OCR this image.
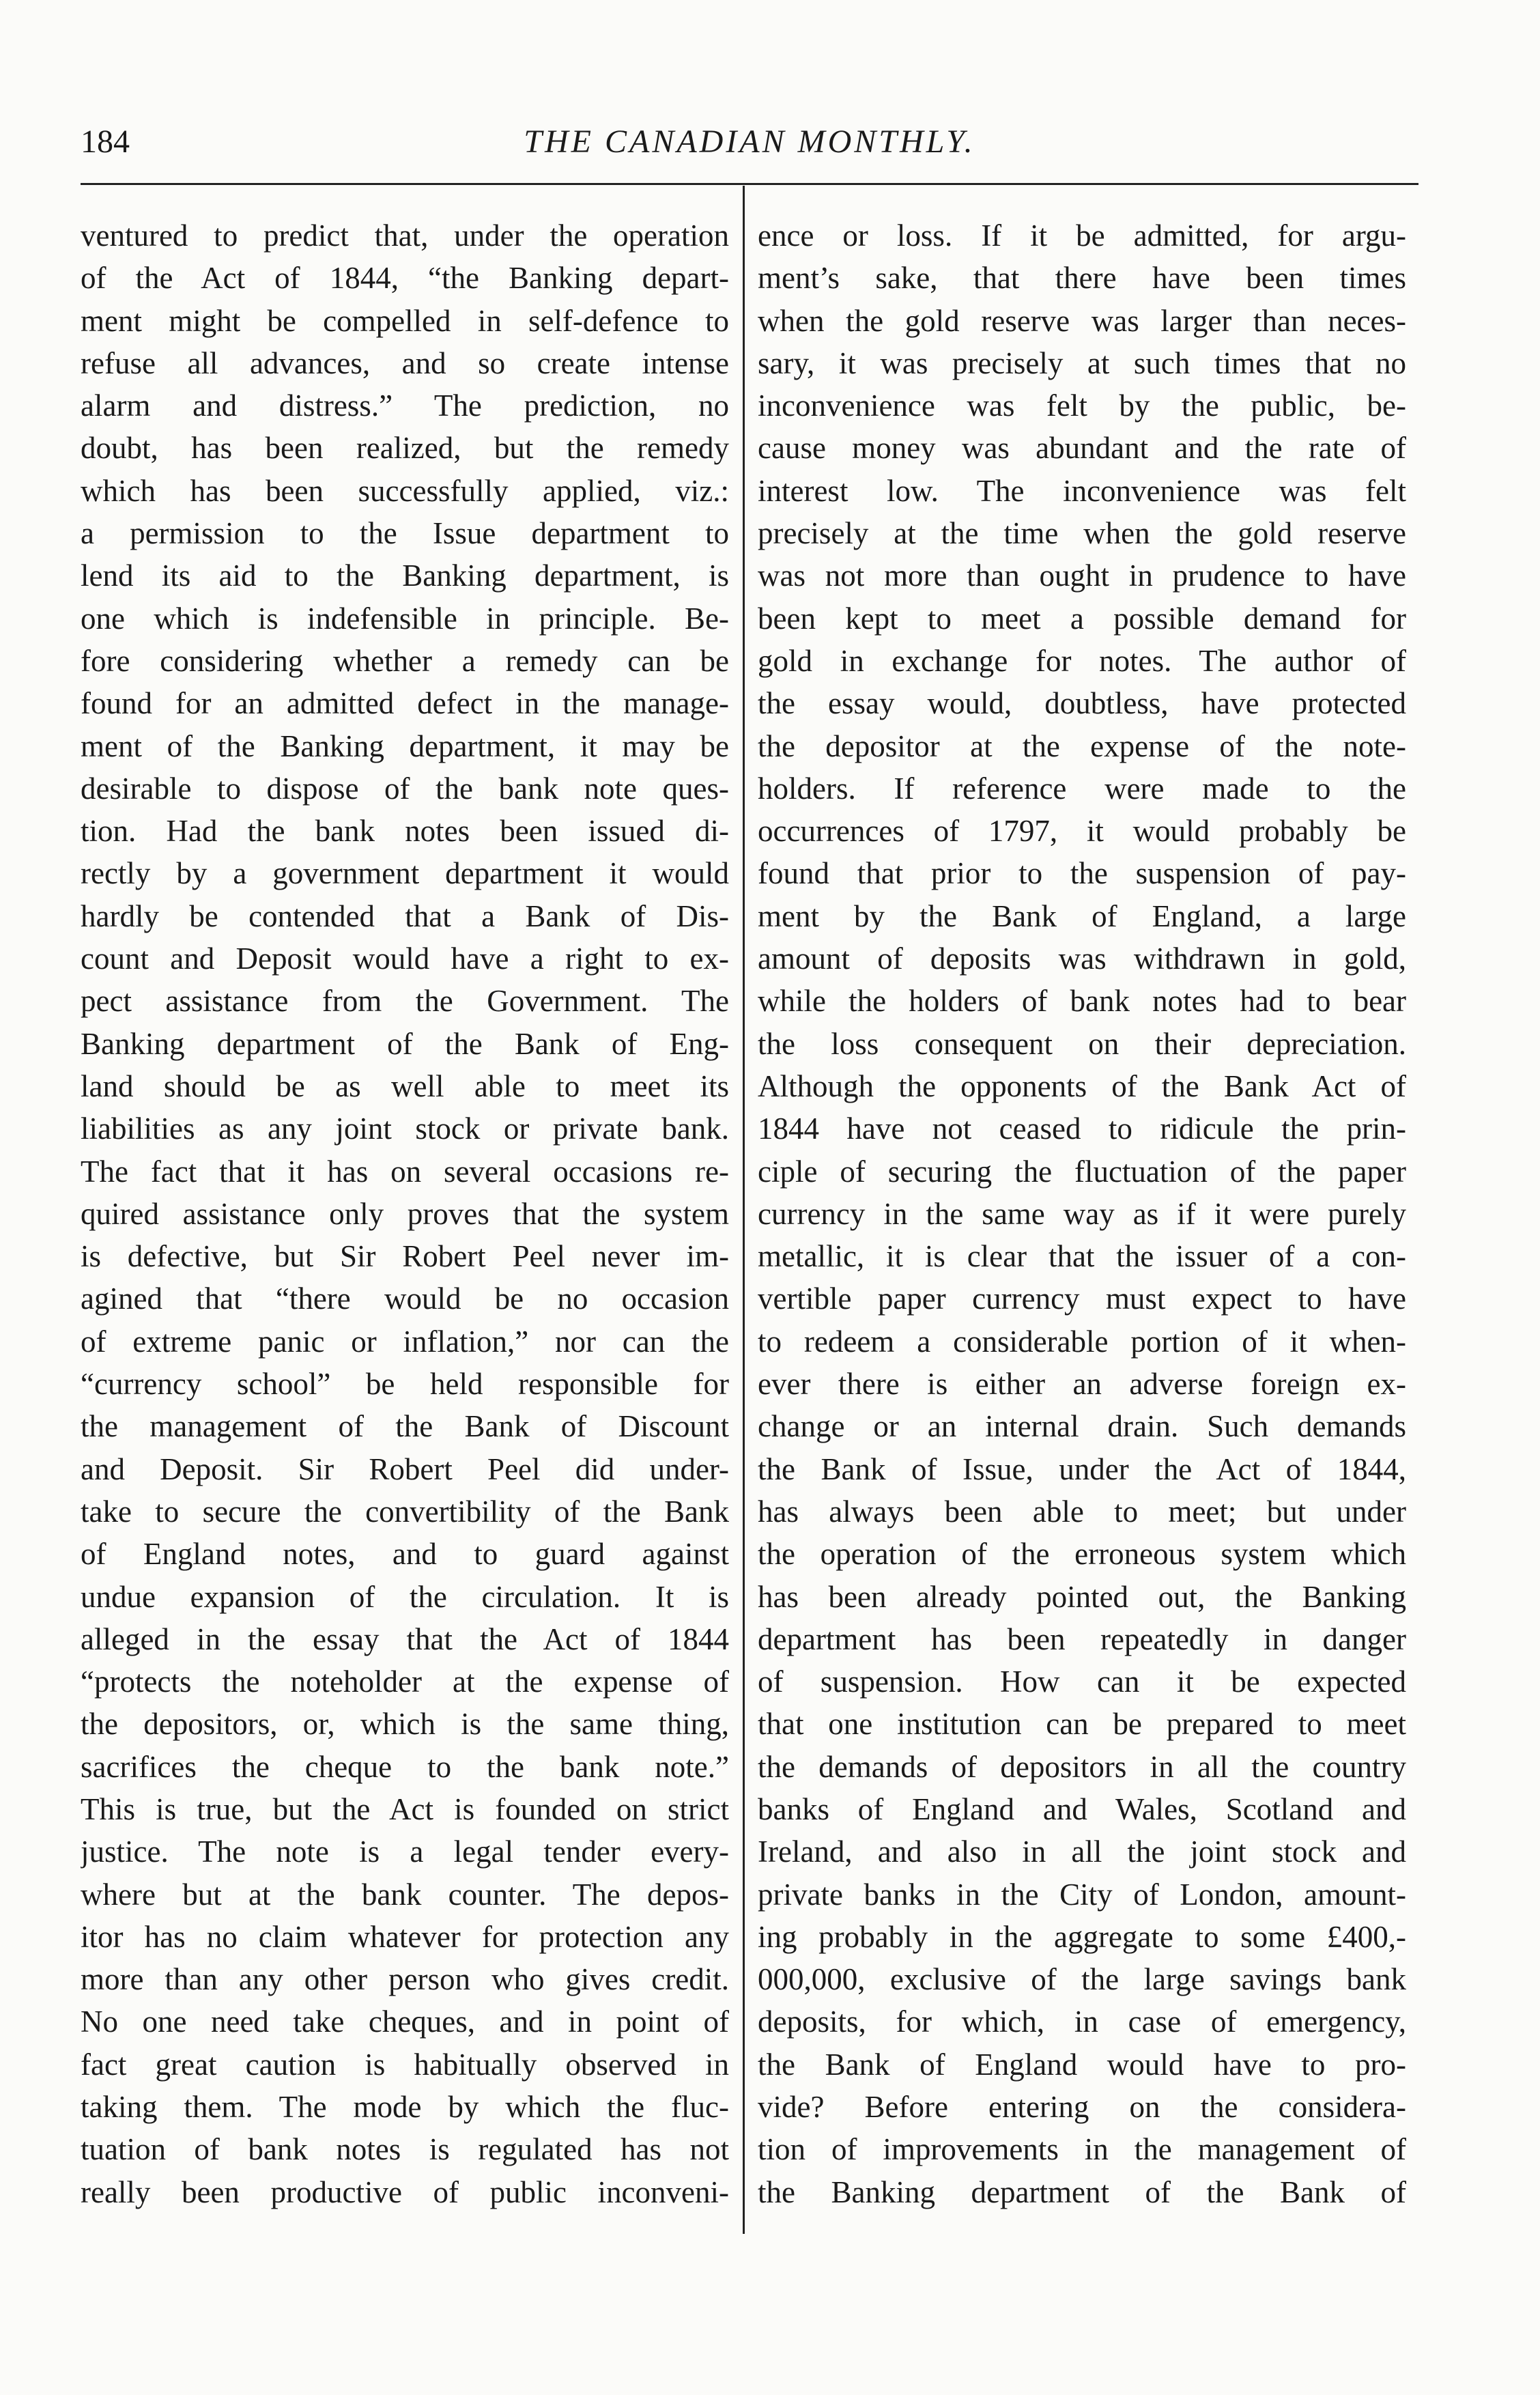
184	THE CANADIAN MONTHLY.
ventured to predict that, under the operation
of the Act of 1844, “the Banking depart-
ment might be compelled in self-defence to
refuse all advances, and so create intense
alarm and distress.” The prediction, no
doubt, has been realized, but the remedy
which has been successfully applied, viz.:
a permission to the Issue department to
lend its aid to the Banking department, is
one which is indefensible in principle. Be-
fore considering whether a remedy can be
found for an admitted defect in the manage-
ment of the Banking department, it may be
desirable to dispose of the bank note ques-
tion. Had the bank notes been issued di-
rectly by a government department it would
hardly be contended that a Bank of Dis-
count and Deposit would have a right to ex-
pect assistance from the Government. The
Banking department of the Bank of Eng-
land should be as well able to meet its
liabilities as any joint stock or private bank.
The fact that it has on several occasions re-
quired assistance only proves that the system
is defective, but Sir Robert Peel never im-
agined that “there would be no occasion
of extreme panic or inflation,” nor can the
“currency school” be held responsible for
the management of the Bank of Discount
and Deposit. Sir Robert Peel did under-
take to secure the convertibility of the Bank
of England notes, and to guard against
undue expansion of the circulation. It is
alleged in the essay that the Act of 1844
“protects the noteholder at the expense of
the depositors, or, which is the same thing,
sacrifices the cheque to the bank note.”
This is true, but the Act is founded on strict
justice. The note is a legal tender every-
where but at the bank counter. The depos-
itor has no claim whatever for protection any
more than any other person who gives credit.
No one need take cheques, and in point of
fact great caution is habitually observed in
taking them. The mode by which the fluc-
tuation of bank notes is regulated has not
really been productive of public inconveni-
ence or loss. If it be admitted, for argu-
ment’s sake, that there have been times
when the gold reserve was larger than neces-
sary, it was precisely at such times that no
inconvenience was felt by the public, be-
cause money was abundant and the rate of
interest low. The inconvenience was felt
precisely at the time when the gold reserve
was not more than ought in prudence to have
been kept to meet a possible demand for
gold in exchange for notes. The author of
the essay would, doubtless, have protected
the depositor at the expense of the note-
holders. If reference were made to the
occurrences of 1797, it would probably be
found that prior to the suspension of pay-
ment by the Bank of England, a large
amount of deposits was withdrawn in gold,
while the holders of bank notes had to bear
the loss consequent on their depreciation.
Although the opponents of the Bank Act of
1844 have not ceased to ridicule the prin-
ciple of securing the fluctuation of the paper
currency in the same way as if it were purely
metallic, it is clear that the issuer of a con-
vertible paper currency must expect to have
to redeem a considerable portion of it when-
ever there is either an adverse foreign ex-
change or an internal drain. Such demands
the Bank of Issue, under the Act of 1844,
has always been able to meet; but under
the operation of the erroneous system which
has been already pointed out, the Banking
department has been repeatedly in danger
of suspension. How can it be expected
that one institution can be prepared to meet
the demands of depositors in all the country
banks of England and Wales, Scotland and
Ireland, and also in all the joint stock and
private banks in the City of London, amount-
ing probably in the aggregate to some £400,-
000,000, exclusive of the large savings bank
deposits, for which, in case of emergency,
the Bank of England would have to pro-
vide? Before entering on the considera-
tion of improvements in the management of
the Banking department of the Bank of
